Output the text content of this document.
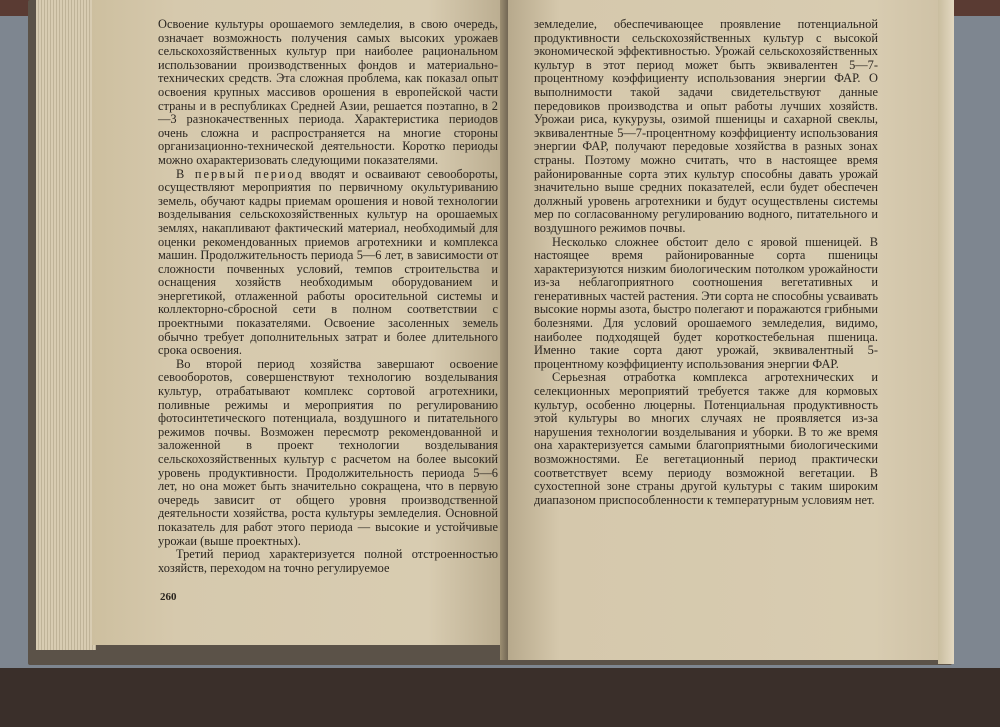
Освоение культуры орошаемого земледелия, в свою очередь, означает возможность получения самых высоких урожаев сельскохозяйственных культур при наиболее рациональном использовании производственных фондов и материально-технических средств. Эта сложная проблема, как показал опыт освоения крупных массивов орошения в европейской части страны и в республиках Средней Азии, решается поэтапно, в 2—3 разнокачественных периода. Характеристика периодов очень сложна и распространяется на многие стороны организационно-технической деятельности. Коротко периоды можно охарактеризовать следующими показателями.

В первый период вводят и осваивают севообороты, осуществляют мероприятия по первичному окультуриванию земель, обучают кадры приемам орошения и новой технологии возделывания сельскохозяйственных культур на орошаемых землях, накапливают фактический материал, необходимый для оценки рекомендованных приемов агротехники и комплекса машин. Продолжительность периода 5—6 лет, в зависимости от сложности почвенных условий, темпов строительства и оснащения хозяйств необходимым оборудованием и энергетикой, отлаженной работы оросительной системы и коллекторно-сбросной сети в полном соответствии с проектными показателями. Освоение засоленных земель обычно требует дополнительных затрат и более длительного срока освоения.

Во второй период хозяйства завершают освоение севооборотов, совершенствуют технологию возделывания культур, отрабатывают комплекс сортовой агротехники, поливные режимы и мероприятия по регулированию фотосинтетического потенциала, воздушного и питательного режимов почвы. Возможен пересмотр рекомендованной и заложенной в проект технологии возделывания сельскохозяйственных культур с расчетом на более высокий уровень продуктивности. Продолжительность периода 5—6 лет, но она может быть значительно сокращена, что в первую очередь зависит от общего уровня производственной деятельности хозяйства, роста культуры земледелия. Основной показатель для работ этого периода — высокие и устойчивые урожаи (выше проектных).

Третий период характеризуется полной отстроенностью хозяйств, переходом на точно регулируемое

260

земледелие, обеспечивающее проявление потенциальной продуктивности сельскохозяйственных культур с высокой экономической эффективностью. Урожай сельскохозяйственных культур в этот период может быть эквивалентен 5—7-процентному коэффициенту использования энергии ФАР. О выполнимости такой задачи свидетельствуют данные передовиков производства и опыт работы лучших хозяйств. Урожаи риса, кукурузы, озимой пшеницы и сахарной свеклы, эквивалентные 5—7-процентному коэффициенту использования энергии ФАР, получают передовые хозяйства в разных зонах страны. Поэтому можно считать, что в настоящее время районированные сорта этих культур способны давать урожай значительно выше средних показателей, если будет обеспечен должный уровень агротехники и будут осуществлены системы мер по согласованному регулированию водного, питательного и воздушного режимов почвы.

Несколько сложнее обстоит дело с яровой пшеницей. В настоящее время районированные сорта пшеницы характеризуются низким биологическим потолком урожайности из-за неблагоприятного соотношения вегетативных и генеративных частей растения. Эти сорта не способны усваивать высокие нормы азота, быстро полегают и поражаются грибными болезнями. Для условий орошаемого земледелия, видимо, наиболее подходящей будет короткостебельная пшеница. Именно такие сорта дают урожай, эквивалентный 5-процентному коэффициенту использования энергии ФАР.

Серьезная отработка комплекса агротехнических и селекционных мероприятий требуется также для кормовых культур, особенно люцерны. Потенциальная продуктивность этой культуры во многих случаях не проявляется из-за нарушения технологии возделывания и уборки. В то же время она характеризуется самыми благоприятными биологическими возможностями. Ее вегетационный период практически соответствует всему периоду возможной вегетации. В сухостепной зоне страны другой культуры с таким широким диапазоном приспособленности к температурным условиям нет.
